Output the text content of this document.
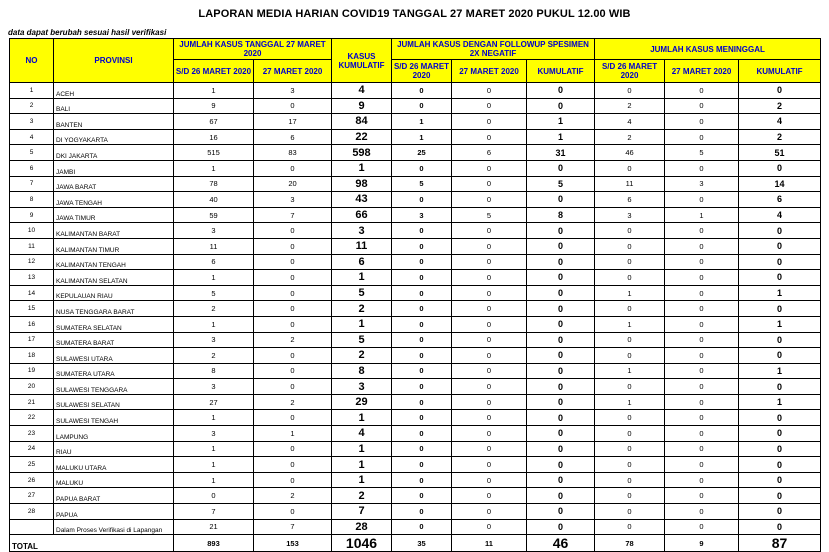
LAPORAN MEDIA HARIAN COVID19 TANGGAL 27 MARET 2020 PUKUL 12.00 WIB
data dapat berubah sesuai hasil verifikasi
NO	PROVINSI	JUMLAH KASUS TANGGAL 27 MARET 2020		KASUS KUMULATIF	JUMLAH KASUS DENGAN FOLLOWUP SPESIMEN 2X NEGATIF			JUMLAH KASUS MENINGGAL		
		S/D 26 MARET 2020	27 MARET 2020		S/D 26 MARET 2020	27 MARET 2020	KUMULATIF	S/D 26 MARET 2020	27 MARET 2020	KUMULATIF
1	ACEH	1	3	4	0	0	0	0	0	0
2	BALI	9	0	9	0	0	0	2	0	2
3	BANTEN	67	17	84	1	0	1	4	0	4
4	DI YOGYAKARTA	16	6	22	1	0	1	2	0	2
5	DKI JAKARTA	515	83	598	25	6	31	46	5	51
6	JAMBI	1	0	1	0	0	0	0	0	0
7	JAWA BARAT	78	20	98	5	0	5	11	3	14
8	JAWA TENGAH	40	3	43	0	0	0	6	0	6
9	JAWA TIMUR	59	7	66	3	5	8	3	1	4
10	KALIMANTAN BARAT	3	0	3	0	0	0	0	0	0
11	KALIMANTAN TIMUR	11	0	11	0	0	0	0	0	0
12	KALIMANTAN TENGAH	6	0	6	0	0	0	0	0	0
13	KALIMANTAN SELATAN	1	0	1	0	0	0	0	0	0
14	KEPULAUAN RIAU	5	0	5	0	0	0	1	0	1
15	NUSA TENGGARA BARAT	2	0	2	0	0	0	0	0	0
16	SUMATERA SELATAN	1	0	1	0	0	0	1	0	1
17	SUMATERA BARAT	3	2	5	0	0	0	0	0	0
18	SULAWESI UTARA	2	0	2	0	0	0	0	0	0
19	SUMATERA UTARA	8	0	8	0	0	0	1	0	1
20	SULAWESI TENGGARA	3	0	3	0	0	0	0	0	0
21	SULAWESI SELATAN	27	2	29	0	0	0	1	0	1
22	SULAWESI TENGAH	1	0	1	0	0	0	0	0	0
23	LAMPUNG	3	1	4	0	0	0	0	0	0
24	RIAU	1	0	1	0	0	0	0	0	0
25	MALUKU UTARA	1	0	1	0	0	0	0	0	0
26	MALUKU	1	0	1	0	0	0	0	0	0
27	PAPUA BARAT	0	2	2	0	0	0	0	0	0
28	PAPUA	7	0	7	0	0	0	0	0	0
	Dalam Proses Verifikasi di Lapangan	21	7	28	0	0	0	0	0	0
TOTAL		893	153	1046	35	11	46	78	9	87
